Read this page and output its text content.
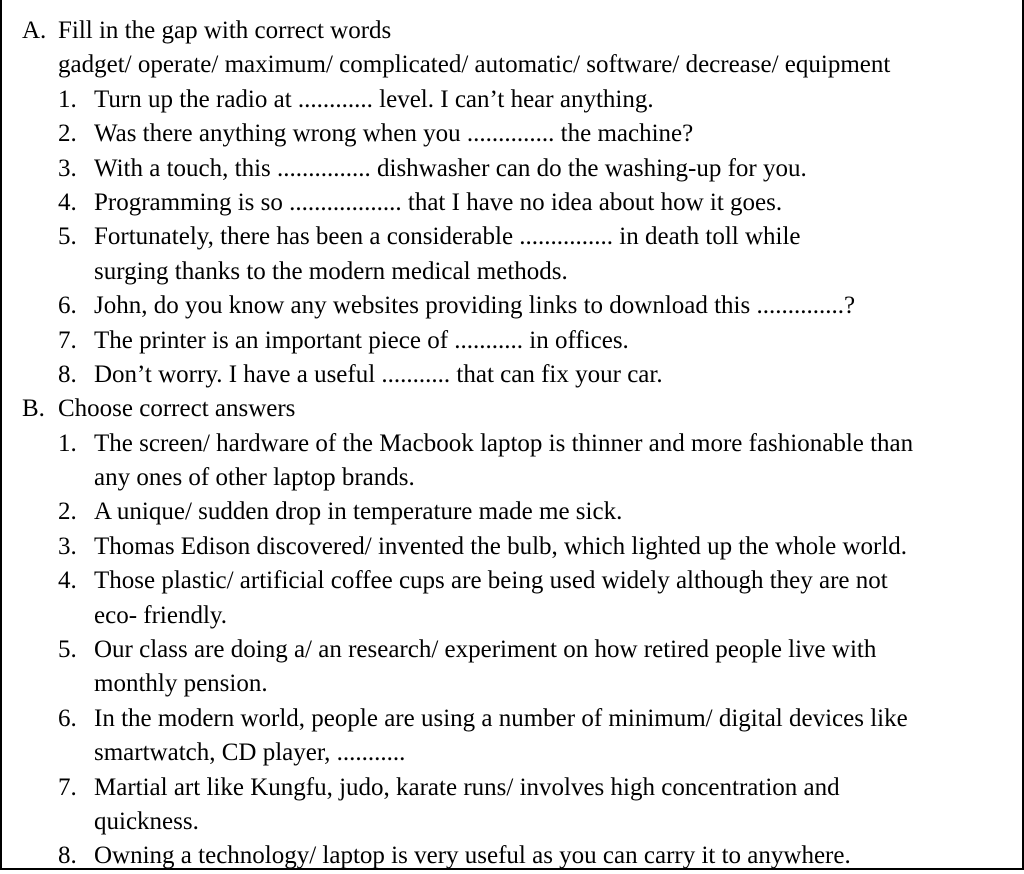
A. Fill in the gap with correct words
gadget/ operate/ maximum/ complicated/ automatic/ software/ decrease/ equipment
1. Turn up the radio at ............ level. I can’t hear anything.
2. Was there anything wrong when you .............. the machine?
3. With a touch, this ............... dishwasher can do the washing-up for you.
4. Programming is so .................. that I have no idea about how it goes.
5. Fortunately, there has been a considerable ............... in death toll while
surging thanks to the modern medical methods.
6. John, do you know any websites providing links to download this ..............?
7. The printer is an important piece of ........... in offices.
8. Don’t worry. I have a useful ........... that can fix your car.
B. Choose correct answers
1. The screen/ hardware of the Macbook laptop is thinner and more fashionable than
any ones of other laptop brands.
2. A unique/ sudden drop in temperature made me sick.
3. Thomas Edison discovered/ invented the bulb, which lighted up the whole world.
4. Those plastic/ artificial coffee cups are being used widely although they are not
eco- friendly.
5. Our class are doing a/ an research/ experiment on how retired people live with
monthly pension.
6. In the modern world, people are using a number of minimum/ digital devices like
smartwatch, CD player, ...........
7. Martial art like Kungfu, judo, karate runs/ involves high concentration and
quickness.
8. Owning a technology/ laptop is very useful as you can carry it to anywhere.
